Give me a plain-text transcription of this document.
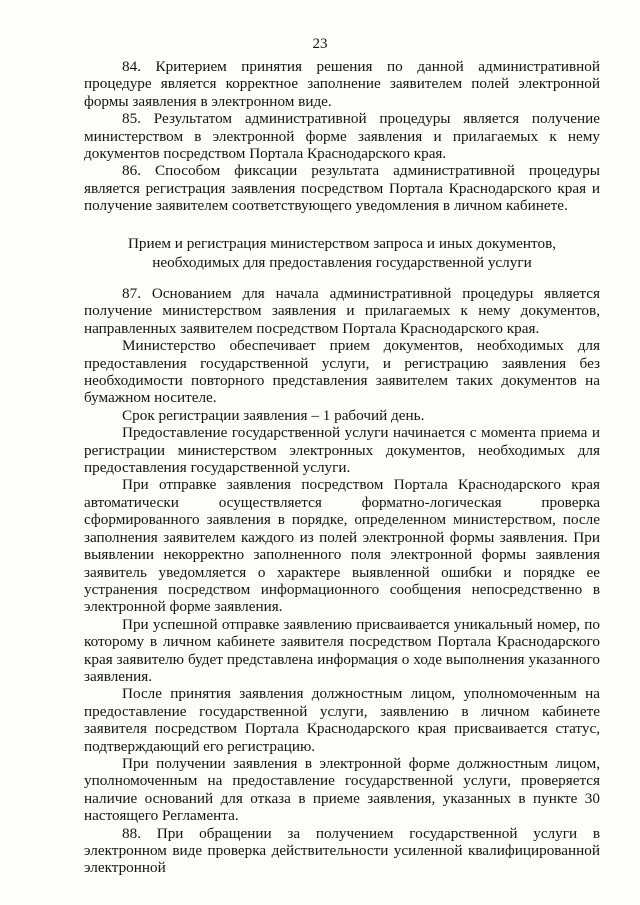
23

84. Критерием принятия решения по данной административной процедуре является корректное заполнение заявителем полей электронной формы заявления в электронном виде.

85. Результатом административной процедуры является получение министерством в электронной форме заявления и прилагаемых к нему документов посредством Портала Краснодарского края.

86. Способом фиксации результата административной процедуры является регистрация заявления посредством Портала Краснодарского края и получение заявителем соответствующего уведомления в личном кабинете.

Прием и регистрация министерством запроса и иных документов,
необходимых для предоставления государственной услуги

87. Основанием для начала административной процедуры является получение министерством заявления и прилагаемых к нему документов, направленных заявителем посредством Портала Краснодарского края.

Министерство обеспечивает прием документов, необходимых для предоставления государственной услуги, и регистрацию заявления без необходимости повторного представления заявителем таких документов на бумажном носителе.

Срок регистрации заявления – 1 рабочий день.

Предоставление государственной услуги начинается с момента приема и регистрации министерством электронных документов, необходимых для предоставления государственной услуги.

При отправке заявления посредством Портала Краснодарского края автоматически осуществляется форматно-логическая проверка сформированного заявления в порядке, определенном министерством, после заполнения заявителем каждого из полей электронной формы заявления. При выявлении некорректно заполненного поля электронной формы заявления заявитель уведомляется о характере выявленной ошибки и порядке ее устранения посредством информационного сообщения непосредственно в электронной форме заявления.

При успешной отправке заявлению присваивается уникальный номер, по которому в личном кабинете заявителя посредством Портала Краснодарского края заявителю будет представлена информация о ходе выполнения указанного заявления.

После принятия заявления должностным лицом, уполномоченным на предоставление государственной услуги, заявлению в личном кабинете заявителя посредством Портала Краснодарского края присваивается статус, подтверждающий его регистрацию.

При получении заявления в электронной форме должностным лицом, уполномоченным на предоставление государственной услуги, проверяется наличие оснований для отказа в приеме заявления, указанных в пункте 30 настоящего Регламента.

88. При обращении за получением государственной услуги в электронном виде проверка действительности усиленной квалифицированной электронной
